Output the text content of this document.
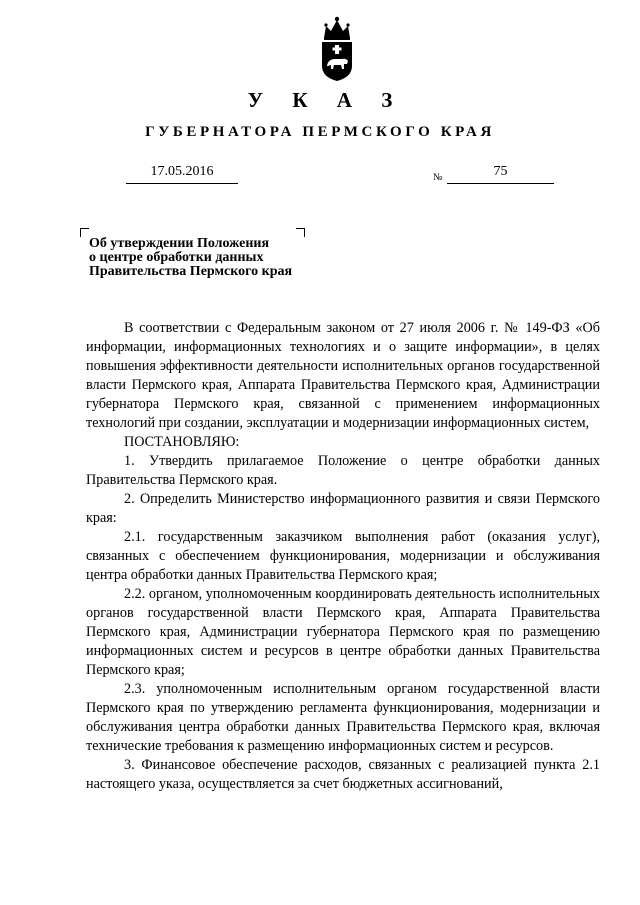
У К А З
ГУБЕРНАТОРА ПЕРМСКОГО КРАЯ
17.05.2016	№	75
Об утверждении Положения
о центре обработки данных
Правительства Пермского края

В соответствии с Федеральным законом от 27 июля 2006 г. № 149-ФЗ «Об информации, информационных технологиях и о защите информации», в целях повышения эффективности деятельности исполнительных органов государственной власти Пермского края, Аппарата Правительства Пермского края, Администрации губернатора Пермского края, связанной с применением информационных технологий при создании, эксплуатации и модернизации информационных систем,

ПОСТАНОВЛЯЮ:

1. Утвердить прилагаемое Положение о центре обработки данных Правительства Пермского края.

2. Определить Министерство информационного развития и связи Пермского края:

2.1. государственным заказчиком выполнения работ (оказания услуг), связанных с обеспечением функционирования, модернизации и обслуживания центра обработки данных Правительства Пермского края;

2.2. органом, уполномоченным координировать деятельность исполнительных органов государственной власти Пермского края, Аппарата Правительства Пермского края, Администрации губернатора Пермского края по размещению информационных систем и ресурсов в центре обработки данных Правительства Пермского края;

2.3. уполномоченным исполнительным органом государственной власти Пермского края по утверждению регламента функционирования, модернизации и обслуживания центра обработки данных Правительства Пермского края, включая технические требования к размещению информационных систем и ресурсов.

3. Финансовое обеспечение расходов, связанных с реализацией пункта 2.1 настоящего указа, осуществляется за счет бюджетных ассигнований,
